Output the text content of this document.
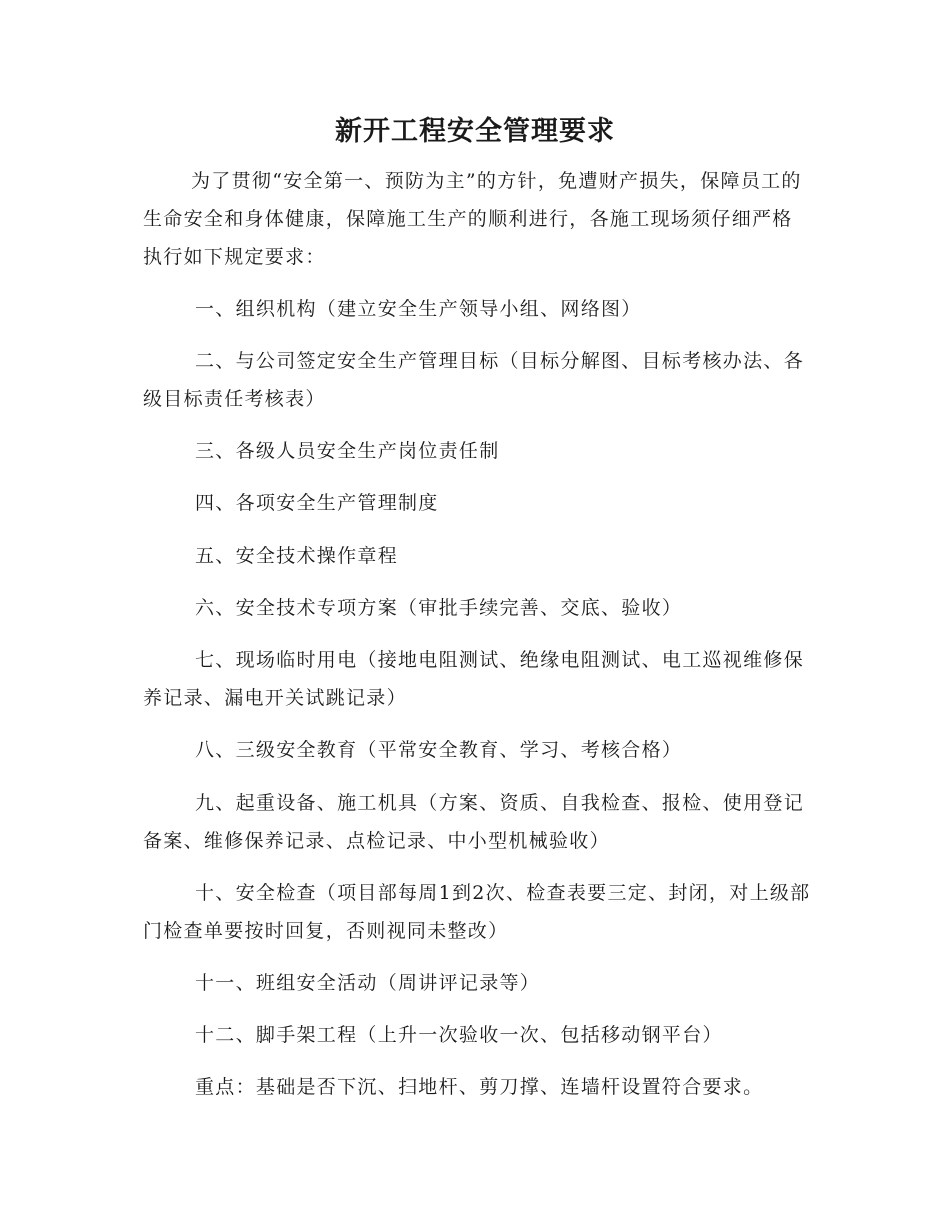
新开工程安全管理要求

为了贯彻“安全第一、预防为主”的方针，免遭财产损失，保障员工的生命安全和身体健康，保障施工生产的顺利进行，各施工现场须仔细严格执行如下规定要求：

一、组织机构（建立安全生产领导小组、网络图）

二、与公司签定安全生产管理目标（目标分解图、目标考核办法、各级目标责任考核表）

三、各级人员安全生产岗位责任制

四、各项安全生产管理制度

五、安全技术操作章程

六、安全技术专项方案（审批手续完善、交底、验收）

七、现场临时用电（接地电阻测试、绝缘电阻测试、电工巡视维修保养记录、漏电开关试跳记录）

八、三级安全教育（平常安全教育、学习、考核合格）

九、起重设备、施工机具（方案、资质、自我检查、报检、使用登记备案、维修保养记录、点检记录、中小型机械验收）

十、安全检查（项目部每周1到2次、检查表要三定、封闭，对上级部门检查单要按时回复，否则视同未整改）

十一、班组安全活动（周讲评记录等）

十二、脚手架工程（上升一次验收一次、包括移动钢平台）

重点：基础是否下沉、扫地杆、剪刀撑、连墙杆设置符合要求。
